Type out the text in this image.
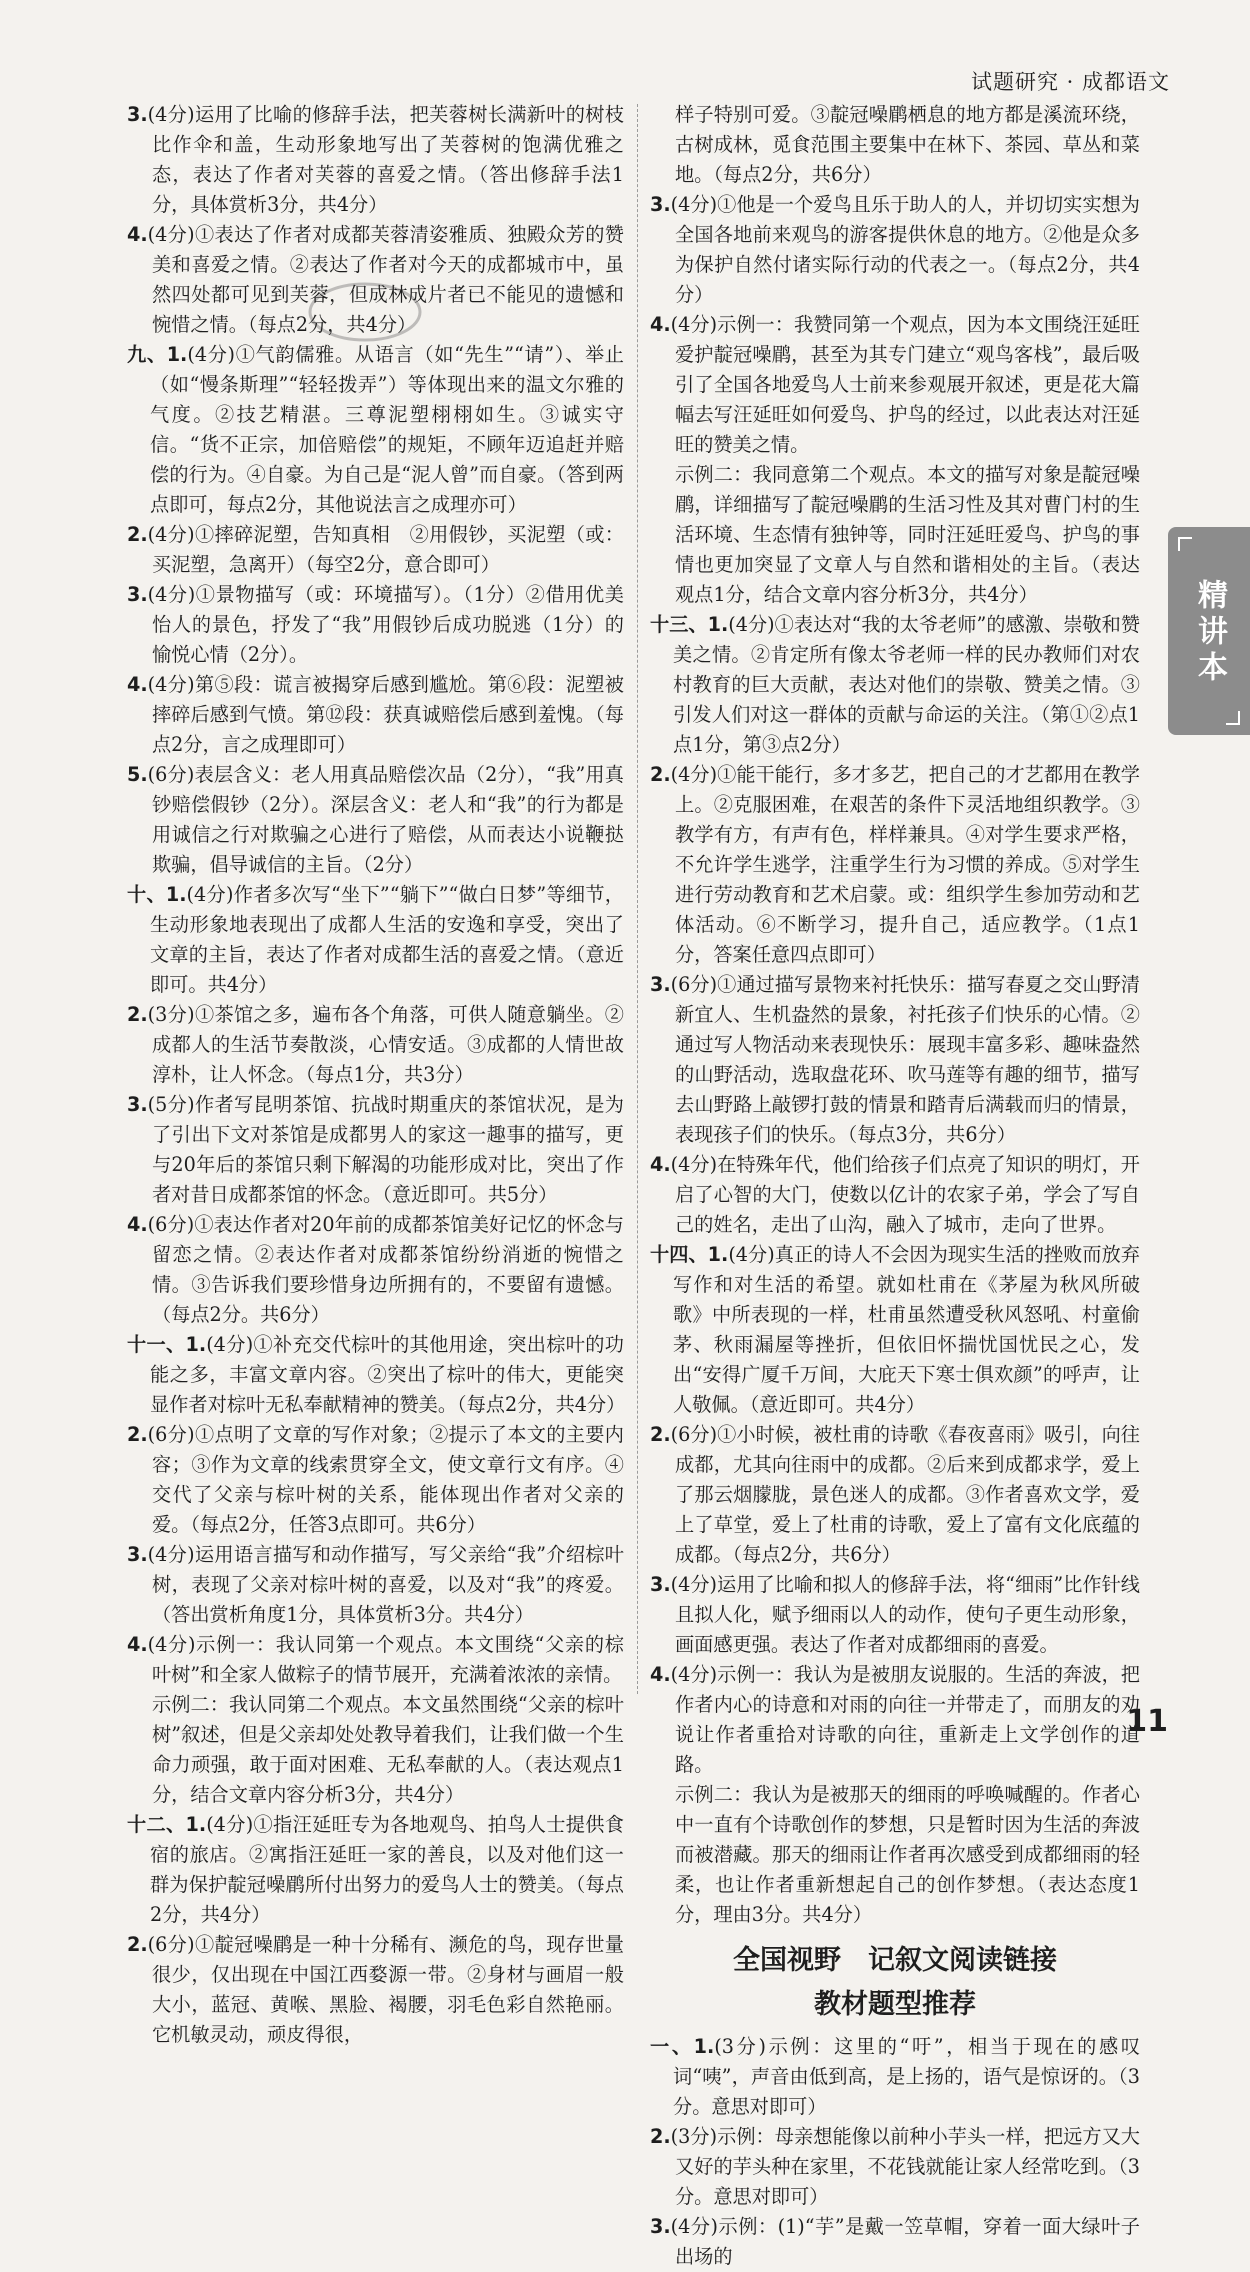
试题研究 · 成都语文

3.(4分)运用了比喻的修辞手法，把芙蓉树长满新叶的树枝比作伞和盖，生动形象地写出了芙蓉树的饱满优雅之态，表达了作者对芙蓉的喜爱之情。（答出修辞手法1分，具体赏析3分，共4分）

4.(4分)①表达了作者对成都芙蓉清姿雅质、独殿众芳的赞美和喜爱之情。②表达了作者对今天的成都城市中，虽然四处都可见到芙蓉，但成林成片者已不能见的遗憾和惋惜之情。（每点2分，共4分）

九、1.(4分)①气韵儒雅。从语言（如“先生”“请”）、举止（如“慢条斯理”“轻轻拨弄”）等体现出来的温文尔雅的气度。②技艺精湛。三尊泥塑栩栩如生。③诚实守信。“货不正宗，加倍赔偿”的规矩，不顾年迈追赶并赔偿的行为。④自豪。为自己是“泥人曾”而自豪。（答到两点即可，每点2分，其他说法言之成理亦可）

2.(4分)①摔碎泥塑，告知真相　②用假钞，买泥塑（或：买泥塑，急离开）（每空2分，意合即可）

3.(4分)①景物描写（或：环境描写）。（1分）②借用优美怡人的景色，抒发了“我”用假钞后成功脱逃（1分）的愉悦心情（2分）。

4.(4分)第⑤段：谎言被揭穿后感到尴尬。第⑥段：泥塑被摔碎后感到气愤。第⑫段：获真诚赔偿后感到羞愧。（每点2分，言之成理即可）

5.(6分)表层含义：老人用真品赔偿次品（2分），“我”用真钞赔偿假钞（2分）。深层含义：老人和“我”的行为都是用诚信之行对欺骗之心进行了赔偿，从而表达小说鞭挞欺骗，倡导诚信的主旨。（2分）

十、1.(4分)作者多次写“坐下”“躺下”“做白日梦”等细节，生动形象地表现出了成都人生活的安逸和享受，突出了文章的主旨，表达了作者对成都生活的喜爱之情。（意近即可。共4分）

2.(3分)①茶馆之多，遍布各个角落，可供人随意躺坐。②成都人的生活节奏散淡，心情安适。③成都的人情世故淳朴，让人怀念。（每点1分，共3分）

3.(5分)作者写昆明茶馆、抗战时期重庆的茶馆状况，是为了引出下文对茶馆是成都男人的家这一趣事的描写，更与20年后的茶馆只剩下解渴的功能形成对比，突出了作者对昔日成都茶馆的怀念。（意近即可。共5分）

4.(6分)①表达作者对20年前的成都茶馆美好记忆的怀念与留恋之情。②表达作者对成都茶馆纷纷消逝的惋惜之情。③告诉我们要珍惜身边所拥有的，不要留有遗憾。（每点2分。共6分）

十一、1.(4分)①补充交代棕叶的其他用途，突出棕叶的功能之多，丰富文章内容。②突出了棕叶的伟大，更能突显作者对棕叶无私奉献精神的赞美。（每点2分，共4分）

2.(6分)①点明了文章的写作对象；②提示了本文的主要内容；③作为文章的线索贯穿全文，使文章行文有序。④交代了父亲与棕叶树的关系，能体现出作者对父亲的爱。（每点2分，任答3点即可。共6分）

3.(4分)运用语言描写和动作描写，写父亲给“我”介绍棕叶树，表现了父亲对棕叶树的喜爱，以及对“我”的疼爱。（答出赏析角度1分，具体赏析3分。共4分）

4.(4分)示例一：我认同第一个观点。本文围绕“父亲的棕叶树”和全家人做粽子的情节展开，充满着浓浓的亲情。

示例二：我认同第二个观点。本文虽然围绕“父亲的棕叶树”叙述，但是父亲却处处教导着我们，让我们做一个生命力顽强，敢于面对困难、无私奉献的人。（表达观点1分，结合文章内容分析3分，共4分）

十二、1.(4分)①指汪延旺专为各地观鸟、拍鸟人士提供食宿的旅店。②寓指汪延旺一家的善良，以及对他们这一群为保护靛冠噪鹛所付出努力的爱鸟人士的赞美。（每点2分，共4分）

2.(6分)①靛冠噪鹛是一种十分稀有、濒危的鸟，现存世量很少，仅出现在中国江西婺源一带。②身材与画眉一般大小，蓝冠、黄喉、黑脸、褐腰，羽毛色彩自然艳丽。它机敏灵动，顽皮得很，

样子特别可爱。③靛冠噪鹛栖息的地方都是溪流环绕，古树成林，觅食范围主要集中在林下、茶园、草丛和菜地。（每点2分，共6分）

3.(4分)①他是一个爱鸟且乐于助人的人，并切切实实想为全国各地前来观鸟的游客提供休息的地方。②他是众多为保护自然付诸实际行动的代表之一。（每点2分，共4分）

4.(4分)示例一：我赞同第一个观点，因为本文围绕汪延旺爱护靛冠噪鹛，甚至为其专门建立“观鸟客栈”，最后吸引了全国各地爱鸟人士前来参观展开叙述，更是花大篇幅去写汪延旺如何爱鸟、护鸟的经过，以此表达对汪延旺的赞美之情。

示例二：我同意第二个观点。本文的描写对象是靛冠噪鹛，详细描写了靛冠噪鹛的生活习性及其对曹门村的生活环境、生态情有独钟等，同时汪延旺爱鸟、护鸟的事情也更加突显了文章人与自然和谐相处的主旨。（表达观点1分，结合文章内容分析3分，共4分）

十三、1.(4分)①表达对“我的太爷老师”的感激、崇敬和赞美之情。②肯定所有像太爷老师一样的民办教师们对农村教育的巨大贡献，表达对他们的崇敬、赞美之情。③引发人们对这一群体的贡献与命运的关注。（第①②点1点1分，第③点2分）

2.(4分)①能干能行，多才多艺，把自己的才艺都用在教学上。②克服困难，在艰苦的条件下灵活地组织教学。③教学有方，有声有色，样样兼具。④对学生要求严格，不允许学生逃学，注重学生行为习惯的养成。⑤对学生进行劳动教育和艺术启蒙。或：组织学生参加劳动和艺体活动。⑥不断学习，提升自己，适应教学。（1点1分，答案任意四点即可）

3.(6分)①通过描写景物来衬托快乐：描写春夏之交山野清新宜人、生机盎然的景象，衬托孩子们快乐的心情。②通过写人物活动来表现快乐：展现丰富多彩、趣味盎然的山野活动，选取盘花环、吹马莲等有趣的细节，描写去山野路上敲锣打鼓的情景和踏青后满载而归的情景，表现孩子们的快乐。（每点3分，共6分）

4.(4分)在特殊年代，他们给孩子们点亮了知识的明灯，开启了心智的大门，使数以亿计的农家子弟，学会了写自己的姓名，走出了山沟，融入了城市，走向了世界。

十四、1.(4分)真正的诗人不会因为现实生活的挫败而放弃写作和对生活的希望。就如杜甫在《茅屋为秋风所破歌》中所表现的一样，杜甫虽然遭受秋风怒吼、村童偷茅、秋雨漏屋等挫折，但依旧怀揣忧国忧民之心，发出“安得广厦千万间，大庇天下寒士俱欢颜”的呼声，让人敬佩。（意近即可。共4分）

2.(6分)①小时候，被杜甫的诗歌《春夜喜雨》吸引，向往成都，尤其向往雨中的成都。②后来到成都求学，爱上了那云烟朦胧，景色迷人的成都。③作者喜欢文学，爱上了草堂，爱上了杜甫的诗歌，爱上了富有文化底蕴的成都。（每点2分，共6分）

3.(4分)运用了比喻和拟人的修辞手法，将“细雨”比作针线且拟人化，赋予细雨以人的动作，使句子更生动形象，画面感更强。表达了作者对成都细雨的喜爱。

4.(4分)示例一：我认为是被朋友说服的。生活的奔波，把作者内心的诗意和对雨的向往一并带走了，而朋友的劝说让作者重拾对诗歌的向往，重新走上文学创作的道路。

示例二：我认为是被那天的细雨的呼唤喊醒的。作者心中一直有个诗歌创作的梦想，只是暂时因为生活的奔波而被潜藏。那天的细雨让作者再次感受到成都细雨的轻柔，也让作者重新想起自己的创作梦想。（表达态度1分，理由3分。共4分）

全国视野　记叙文阅读链接
教材题型推荐

一、1.(3分)示例：这里的“吁”，相当于现在的感叹词“咦”，声音由低到高，是上扬的，语气是惊讶的。（3分。意思对即可）

2.(3分)示例：母亲想能像以前种小芋头一样，把远方又大又好的芋头种在家里，不花钱就能让家人经常吃到。（3分。意思对即可）

3.(4分)示例：(1)“芋”是戴一笠草帽，穿着一面大绿叶子出场的

精讲本
11
